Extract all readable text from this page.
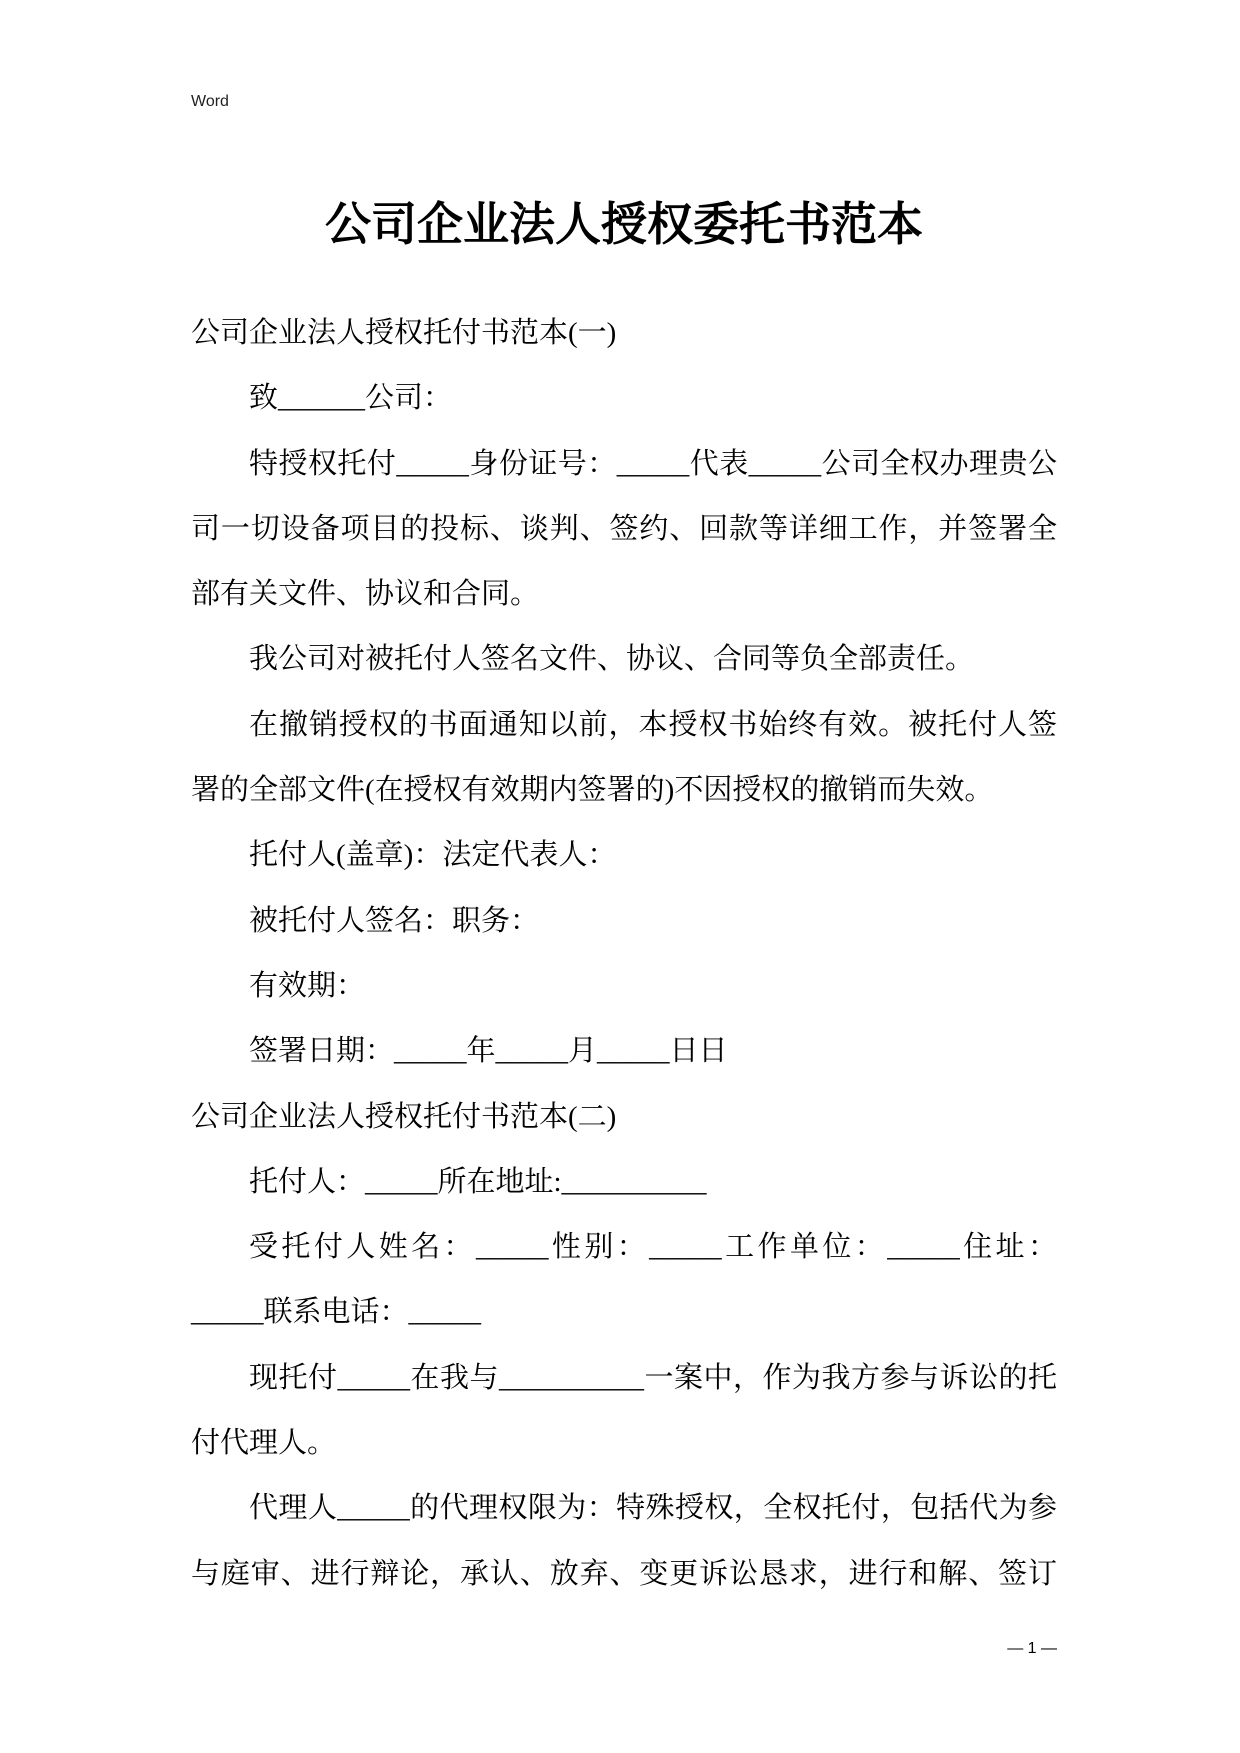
Word
公司企业法人授权委托书范本
公司企业法人授权托付书范本(一)
致______公司：
特授权托付_____身份证号：_____代表_____公司全权办理贵公
司一切设备项目的投标、谈判、签约、回款等详细工作，并签署全
部有关文件、协议和合同。
我公司对被托付人签名文件、协议、合同等负全部责任。
在撤销授权的书面通知以前，本授权书始终有效。被托付人签
署的全部文件(在授权有效期内签署的)不因授权的撤销而失效。
托付人(盖章)：法定代表人：
被托付人签名：职务：
有效期：
签署日期：_____年_____月_____日日
公司企业法人授权托付书范本(二)
托付人：_____所在地址:__________
受托付人姓名：_____性别：_____工作单位：_____住址：
_____联系电话：_____
现托付_____在我与__________一案中，作为我方参与诉讼的托
付代理人。
代理人_____的代理权限为：特殊授权，全权托付，包括代为参
与庭审、进行辩论，承认、放弃、变更诉讼恳求，进行和解、签订
— 1 —
